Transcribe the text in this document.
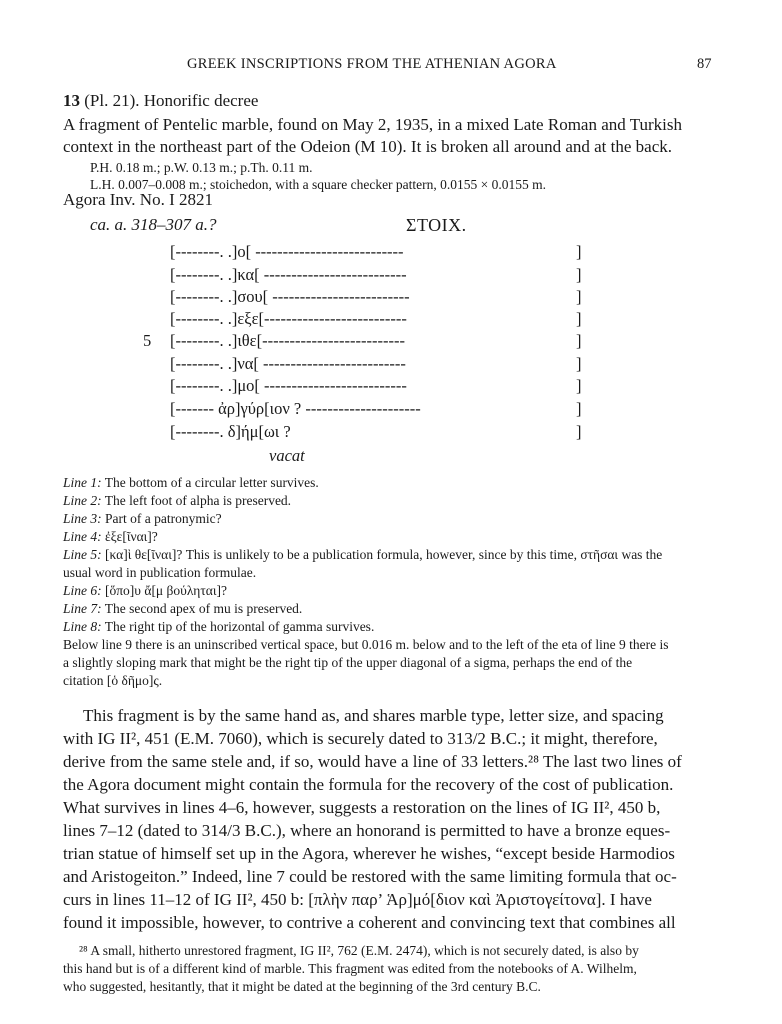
GREEK INSCRIPTIONS FROM THE ATHENIAN AGORA	87
13 (Pl. 21). Honorific decree
A fragment of Pentelic marble, found on May 2, 1935, in a mixed Late Roman and Turkish
context in the northeast part of the Odeion (M 10). It is broken all around and at the back.
P.H. 0.18 m.; p.W. 0.13 m.; p.Th. 0.11 m.
L.H. 0.007–0.008 m.; stoichedon, with a square checker pattern, 0.0155 × 0.0155 m.
Agora Inv. No. I 2821
ca. a. 318–307 a.?	ΣΤΟΙΧ.
[--------. .]ο[ ---------------------------
[--------. .]κα[ --------------------------
[--------. .]σου[ -------------------------
[--------. .]εξε[--------------------------
[--------. .]ιθε[--------------------------
[--------. .]να[ --------------------------
[--------. .]μο[ --------------------------
[------- ἀρ]γύρ[ιον ? ---------------------
[--------. δ]ήμ[ωι ?
]
]
]
]
]
]
]
]
]
5
vacat
Line 1: The bottom of a circular letter survives.
Line 2: The left foot of alpha is preserved.
Line 3: Part of a patronymic?
Line 4: ἐξε[ῖναι]?
Line 5: [κα]ὶ θε[ῖναι]? This is unlikely to be a publication formula, however, since by this time, στῆσαι was the
usual word in publication formulae.
Line 6: [ὅπο]υ ἄ[μ βούληται]?
Line 7: The second apex of mu is preserved.
Line 8: The right tip of the horizontal of gamma survives.
Below line 9 there is an uninscribed vertical space, but 0.016 m. below and to the left of the eta of line 9 there is
a slightly sloping mark that might be the right tip of the upper diagonal of a sigma, perhaps the end of the
citation [ὁ δῆμο]ς.
This fragment is by the same hand as, and shares marble type, letter size, and spacing
with IG II², 451 (E.M. 7060), which is securely dated to 313/2 B.C.; it might, therefore,
derive from the same stele and, if so, would have a line of 33 letters.²⁸ The last two lines of
the Agora document might contain the formula for the recovery of the cost of publication.
What survives in lines 4–6, however, suggests a restoration on the lines of IG II², 450 b,
lines 7–12 (dated to 314/3 B.C.), where an honorand is permitted to have a bronze eques-
trian statue of himself set up in the Agora, wherever he wishes, “except beside Harmodios
and Aristogeiton.” Indeed, line 7 could be restored with the same limiting formula that oc-
curs in lines 11–12 of IG II², 450 b: [πλὴν παρ’ Ἁρ]μό[διον καὶ Ἀριστογείτονα]. I have
found it impossible, however, to contrive a coherent and convincing text that combines all
²⁸ A small, hitherto unrestored fragment, IG II², 762 (E.M. 2474), which is not securely dated, is also by
this hand but is of a different kind of marble. This fragment was edited from the notebooks of A. Wilhelm,
who suggested, hesitantly, that it might be dated at the beginning of the 3rd century B.C.
